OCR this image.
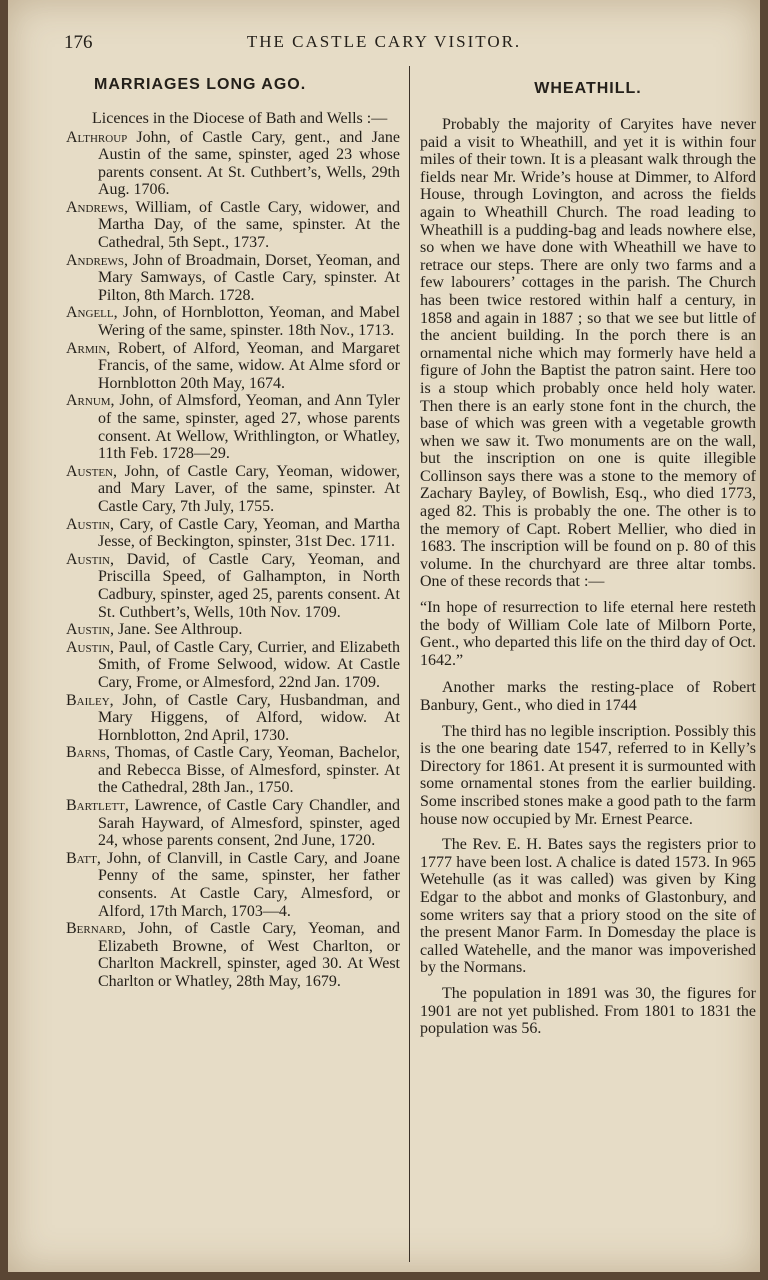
176	THE CASTLE CARY VISITOR.
MARRIAGES LONG AGO.

Licences in the Diocese of Bath and Wells :—

Althroup John, of Castle Cary, gent., and Jane Austin of the same, spinster, aged 23 whose parents consent. At St. Cuthbert’s, Wells, 29th Aug. 1706.

Andrews, William, of Castle Cary, widower, and Martha Day, of the same, spinster. At the Cathedral, 5th Sept., 1737.

Andrews, John of Broadmain, Dorset, Yeoman, and Mary Samways, of Castle Cary, spinster. At Pilton, 8th March. 1728.

Angell, John, of Hornblotton, Yeoman, and Mabel Wering of the same, spinster. 18th Nov., 1713.

Armin, Robert, of Alford, Yeoman, and Margaret Francis, of the same, widow. At Alme sford or Hornblotton 20th May, 1674.

Arnum, John, of Almsford, Yeoman, and Ann Tyler of the same, spinster, aged 27, whose parents consent. At Wellow, Writhlington, or Whatley, 11th Feb. 1728—29.

Austen, John, of Castle Cary, Yeoman, widower, and Mary Laver, of the same, spinster. At Castle Cary, 7th July, 1755.

Austin, Cary, of Castle Cary, Yeoman, and Martha Jesse, of Beckington, spinster, 31st Dec. 1711.

Austin, David, of Castle Cary, Yeoman, and Priscilla Speed, of Galhampton, in North Cadbury, spinster, aged 25, parents consent. At St. Cuthbert’s, Wells, 10th Nov. 1709.

Austin, Jane. See Althroup.

Austin, Paul, of Castle Cary, Currier, and Elizabeth Smith, of Frome Selwood, widow. At Castle Cary, Frome, or Almesford, 22nd Jan. 1709.

Bailey, John, of Castle Cary, Husbandman, and Mary Higgens, of Alford, widow. At Hornblotton, 2nd April, 1730.

Barns, Thomas, of Castle Cary, Yeoman, Bachelor, and Rebecca Bisse, of Almesford, spinster. At the Cathedral, 28th Jan., 1750.

Bartlett, Lawrence, of Castle Cary Chandler, and Sarah Hayward, of Almesford, spinster, aged 24, whose parents consent, 2nd June, 1720.

Batt, John, of Clanvill, in Castle Cary, and Joane Penny of the same, spinster, her father consents. At Castle Cary, Almesford, or Alford, 17th March, 1703—4.

Bernard, John, of Castle Cary, Yeoman, and Elizabeth Browne, of West Charlton, or Charlton Mackrell, spinster, aged 30. At West Charlton or Whatley, 28th May, 1679.

WHEATHILL.

Probably the majority of Caryites have never paid a visit to Wheathill, and yet it is within four miles of their town. It is a pleasant walk through the fields near Mr. Wride’s house at Dimmer, to Alford House, through Lovington, and across the fields again to Wheathill Church. The road leading to Wheathill is a pudding-bag and leads nowhere else, so when we have done with Wheathill we have to retrace our steps. There are only two farms and a few labourers’ cottages in the parish. The Church has been twice restored within half a century, in 1858 and again in 1887 ; so that we see but little of the ancient building. In the porch there is an ornamental niche which may formerly have held a figure of John the Baptist the patron saint. Here too is a stoup which probably once held holy water. Then there is an early stone font in the church, the base of which was green with a vegetable growth when we saw it. Two monuments are on the wall, but the inscription on one is quite illegible Collinson says there was a stone to the memory of Zachary Bayley, of Bowlish, Esq., who died 1773, aged 82. This is probably the one. The other is to the memory of Capt. Robert Mellier, who died in 1683. The inscription will be found on p. 80 of this volume. In the churchyard are three altar tombs. One of these records that :—

“In hope of resurrection to life eternal here resteth the body of William Cole late of Milborn Porte, Gent., who departed this life on the third day of Oct. 1642.”

Another marks the resting-place of Robert Banbury, Gent., who died in 1744

The third has no legible inscription. Possibly this is the one bearing date 1547, referred to in Kelly’s Directory for 1861. At present it is surmounted with some ornamental stones from the earlier building. Some inscribed stones make a good path to the farm house now occupied by Mr. Ernest Pearce.

The Rev. E. H. Bates says the registers prior to 1777 have been lost. A chalice is dated 1573. In 965 Wetehulle (as it was called) was given by King Edgar to the abbot and monks of Glastonbury, and some writers say that a priory stood on the site of the present Manor Farm. In Domesday the place is called Watehelle, and the manor was impoverished by the Normans.

The population in 1891 was 30, the figures for 1901 are not yet published. From 1801 to 1831 the population was 56.
